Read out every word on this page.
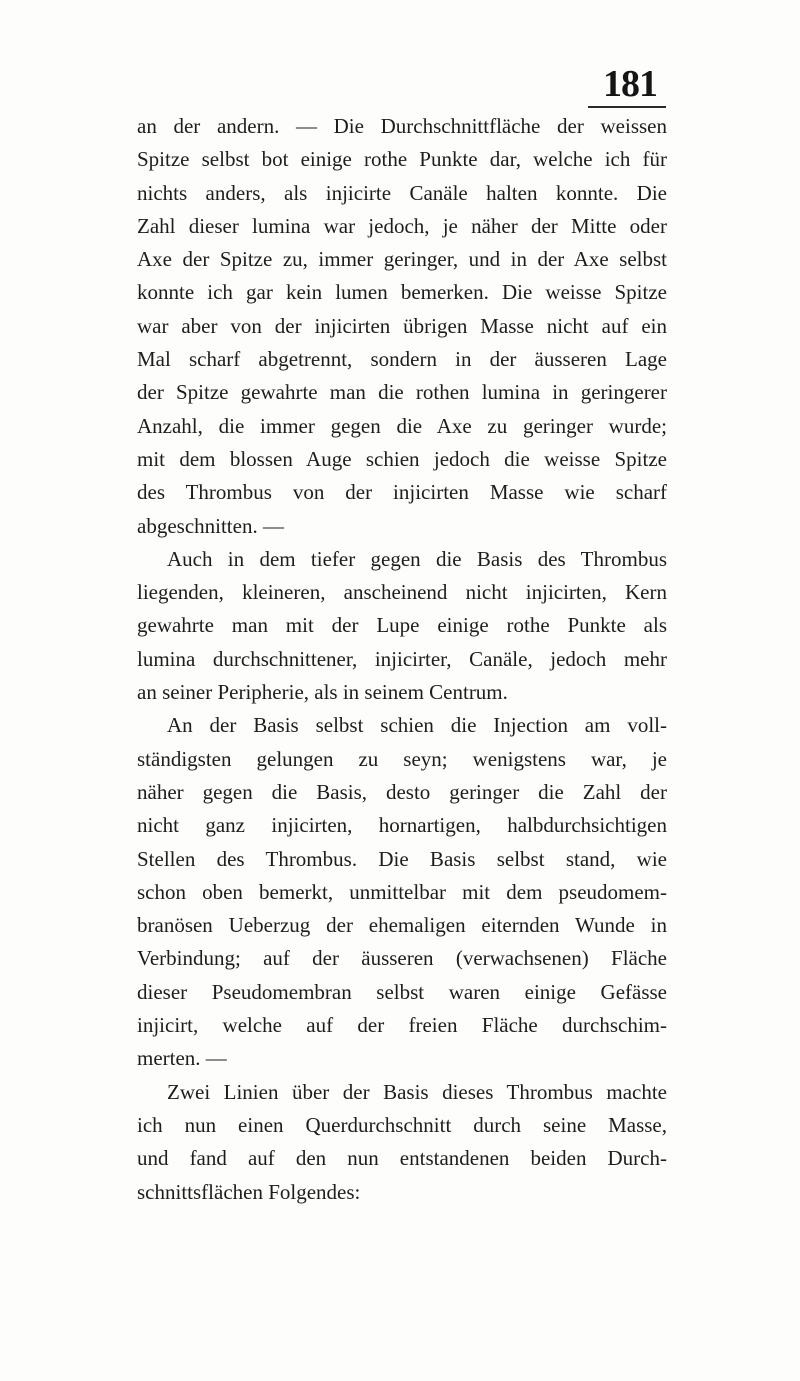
181
an der andern. — Die Durchschnittfläche der weissen
Spitze selbst bot einige rothe Punkte dar, welche ich für
nichts anders, als injicirte Canäle halten konnte. Die
Zahl dieser lumina war jedoch, je näher der Mitte oder
Axe der Spitze zu, immer geringer, und in der Axe selbst
konnte ich gar kein lumen bemerken. Die weisse Spitze
war aber von der injicirten übrigen Masse nicht auf ein
Mal scharf abgetrennt, sondern in der äusseren Lage
der Spitze gewahrte man die rothen lumina in geringerer
Anzahl, die immer gegen die Axe zu geringer wurde;
mit dem blossen Auge schien jedoch die weisse Spitze
des Thrombus von der injicirten Masse wie scharf
abgeschnitten. —
Auch in dem tiefer gegen die Basis des Thrombus
liegenden, kleineren, anscheinend nicht injicirten, Kern
gewahrte man mit der Lupe einige rothe Punkte als
lumina durchschnittener, injicirter, Canäle, jedoch mehr
an seiner Peripherie, als in seinem Centrum.
An der Basis selbst schien die Injection am voll-
ständigsten gelungen zu seyn; wenigstens war, je
näher gegen die Basis, desto geringer die Zahl der
nicht ganz injicirten, hornartigen, halbdurchsichtigen
Stellen des Thrombus. Die Basis selbst stand, wie
schon oben bemerkt, unmittelbar mit dem pseudomem-
branösen Ueberzug der ehemaligen eiternden Wunde in
Verbindung; auf der äusseren (verwachsenen) Fläche
dieser Pseudomembran selbst waren einige Gefässe
injicirt, welche auf der freien Fläche durchschim-
merten. —
Zwei Linien über der Basis dieses Thrombus machte
ich nun einen Querdurchschnitt durch seine Masse,
und fand auf den nun entstandenen beiden Durch-
schnittsflächen Folgendes:
